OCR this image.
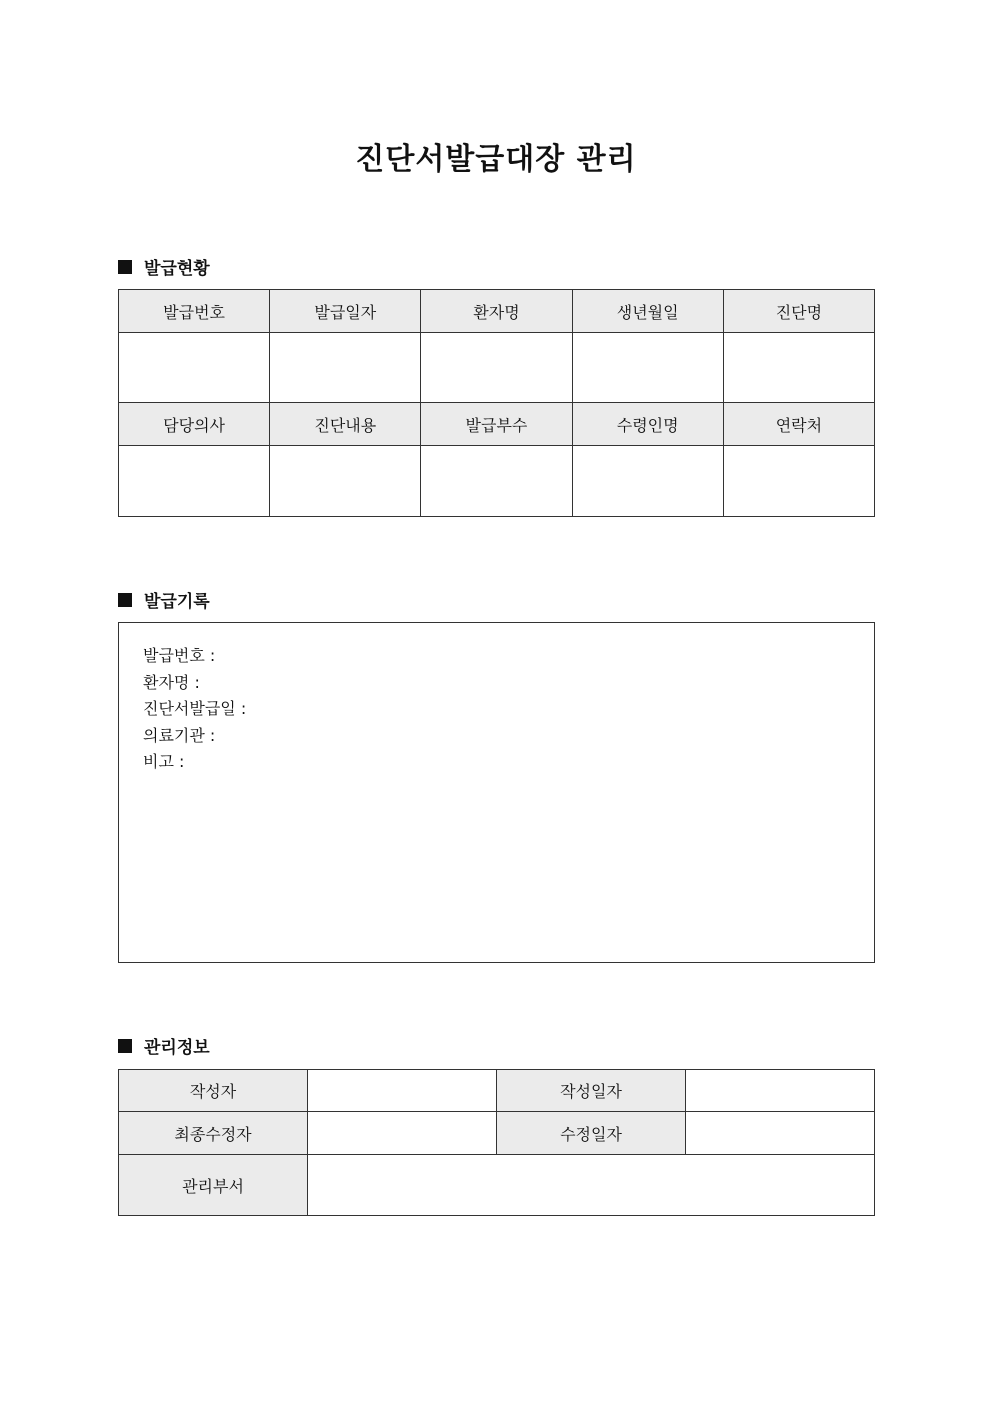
진단서발급대장 관리
발급현황
발급번호	발급일자	환자명	생년월일	진단명

담당의사	진단내용	발급부수	수령인명	연락처

발급기록
발급번호 :
환자명 :
진단서발급일 :
의료기관 :
비고 :
관리정보
작성자		작성일자	
최종수정자		수정일자	
관리부서			
